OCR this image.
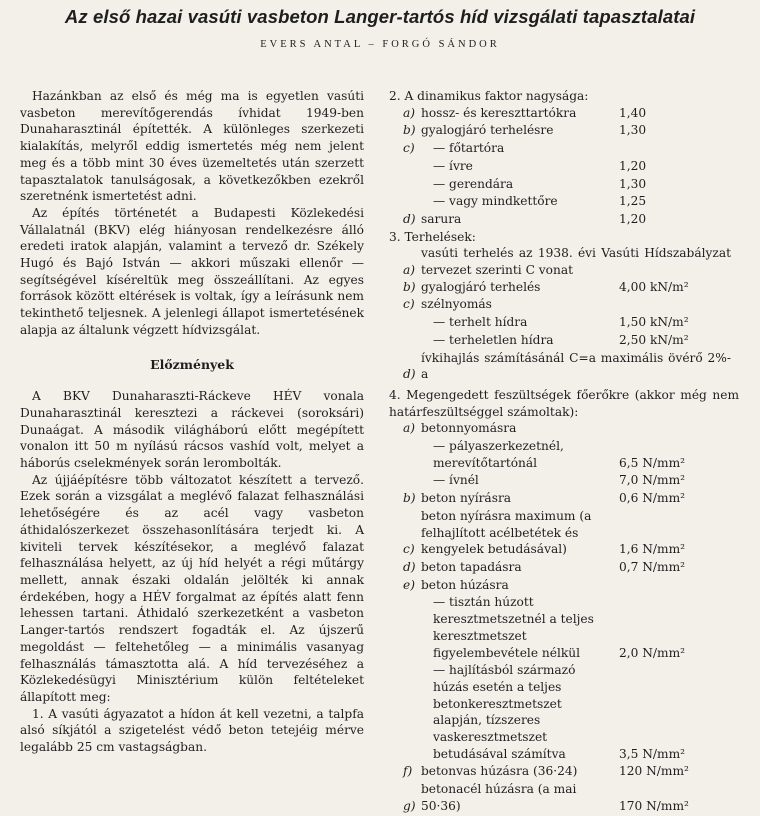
Az első hazai vasúti vasbeton Langer-tartós híd vizsgálati tapasztalatai
EVERS ANTAL – FORGÓ SÁNDOR

Hazánkban az első és még ma is egyetlen vasúti vasbeton merevítőgerendás ívhidat 1949-ben Dunaharasztinál építették. A különleges szerkezeti kialakítás, melyről eddig ismertetés még nem jelent meg és a több mint 30 éves üzemeltetés után szerzett tapasztalatok tanulságosak, a következőkben ezekről szeretnénk ismertetést adni.

Az építés történetét a Budapesti Közlekedési Vállalatnál (BKV) elég hiányosan rendelkezésre álló eredeti iratok alapján, valamint a tervező dr. Székely Hugó és Bajó István — akkori műszaki ellenőr — segítségével kíséreltük meg összeállítani. Az egyes források között eltérések is voltak, így a leírásunk nem tekinthető teljesnek. A jelenlegi állapot ismertetésének alapja az általunk végzett hídvizsgálat.

Előzmények

A BKV Dunaharaszti-Ráckeve HÉV vonala Dunaharasztinál keresztezi a ráckevei (soroksári) Dunaágat. A második világháború előtt megépített vonalon itt 50 m nyílású rácsos vashíd volt, melyet a háborús cselekmények során lerombolták.

Az újjáépítésre több változatot készített a tervező. Ezek során a vizsgálat a meglévő falazat felhasználási lehetőségére és az acél vagy vasbeton áthidalószerkezet összehasonlítására terjedt ki. A kiviteli tervek készítésekor, a meglévő falazat felhasználása helyett, az új híd helyét a régi műtárgy mellett, annak északi oldalán jelölték ki annak érdekében, hogy a HÉV forgalmat az építés alatt fenn lehessen tartani. Áthidaló szerkezetként a vasbeton Langer-tartós rendszert fogadták el. Az újszerű megoldást — feltehetőleg — a minimális vasanyag felhasználás támasztotta alá. A híd tervezéséhez a Közlekedésügyi Minisztérium külön feltételeket állapított meg:

1. A vasúti ágyazatot a hídon át kell vezetni, a talpfa alsó síkjától a szigetelést védő beton tetejéig mérve legalább 25 cm vastagságban.

2. A dinamikus faktor nagysága:
a) hossz- és kereszttartókra	1,40
b) gyalogjáró terhelésre	1,30
c)	— főtartóra
— ívre	1,20
— gerendára	1,30
— vagy mindkettőre	1,25
d) sarura	1,20
3. Terhelések:
a)
vasúti terhelés az 1938. évi Vasúti Hídszabályzat tervezet szerinti C vonat
b) gyalogjáró terhelés	4,00 kN/m²
c) szélnyomás
— terhelt hídra	1,50 kN/m²
— terheletlen hídra	2,50 kN/m²
d)
ívkihajlás számításánál C=a maximális övérő 2%-a
4. Megengedett feszültségek főerőkre (akkor még nem határfeszültséggel számoltak):
a) betonnyomásra
— pályaszerkezetnél, merevítőtartónál	6,5 N/mm²
— ívnél	7,0 N/mm²
b) beton nyírásra	0,6 N/mm²
c)
beton nyírásra maximum (a felhajlított acélbetétek és kengyelek betudásával)	1,6 N/mm²
d) beton tapadásra	0,7 N/mm²
e) beton húzásra
— tisztán húzott keresztmetszetnél a teljes keresztmetszet figyelembevétele nélkül	2,0 N/mm²
— hajlításból származó húzás esetén a teljes betonkeresztmetszet alapján, tízszeres vaskeresztmetszet betudásával számítva	3,5 N/mm²
f) betonvas húzásra (36·24)	120 N/mm²
g)
betonacél húzásra (a mai 50·36)	170 N/mm²
